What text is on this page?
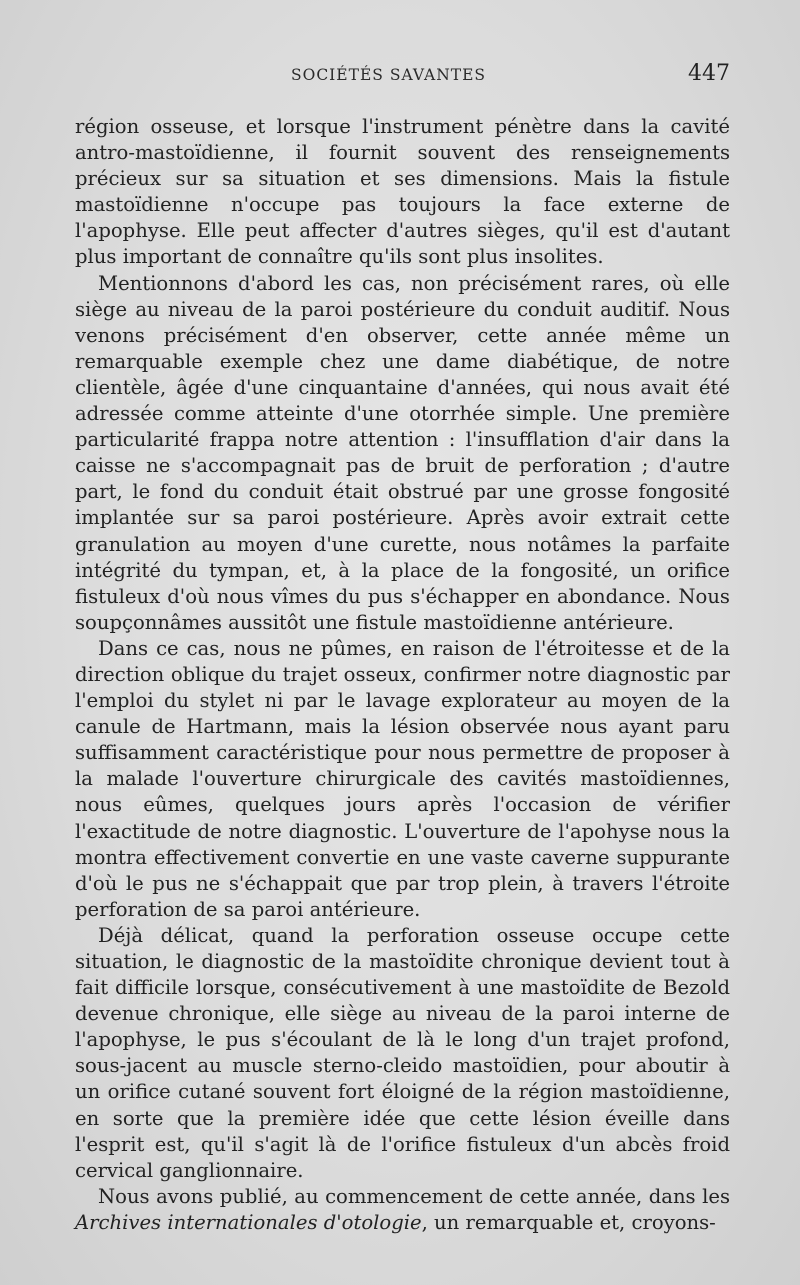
SOCIÉTÉS SAVANTES	447

région osseuse, et lorsque l'instrument pénètre dans la cavité antro-mastoïdienne, il fournit souvent des renseignements précieux sur sa situation et ses dimensions. Mais la fistule mastoïdienne n'occupe pas toujours la face externe de l'apophyse. Elle peut affecter d'autres sièges, qu'il est d'autant plus important de connaître qu'ils sont plus insolites.

Mentionnons d'abord les cas, non précisément rares, où elle siège au niveau de la paroi postérieure du conduit auditif. Nous venons précisément d'en observer, cette année même un remarquable exemple chez une dame diabétique, de notre clientèle, âgée d'une cinquantaine d'années, qui nous avait été adressée comme atteinte d'une otorrhée simple. Une première particularité frappa notre attention : l'insufflation d'air dans la caisse ne s'accompagnait pas de bruit de perforation ; d'autre part, le fond du conduit était obstrué par une grosse fongosité implantée sur sa paroi postérieure. Après avoir extrait cette granulation au moyen d'une curette, nous notâmes la parfaite intégrité du tympan, et, à la place de la fongosité, un orifice fistuleux d'où nous vîmes du pus s'échapper en abondance. Nous soupçonnâmes aussitôt une fistule mastoïdienne antérieure.

Dans ce cas, nous ne pûmes, en raison de l'étroitesse et de la direction oblique du trajet osseux, confirmer notre diagnostic par l'emploi du stylet ni par le lavage explorateur au moyen de la canule de Hartmann, mais la lésion observée nous ayant paru suffisamment caractéristique pour nous permettre de proposer à la malade l'ouverture chirurgicale des cavités mastoïdiennes, nous eûmes, quelques jours après l'occasion de vérifier l'exactitude de notre diagnostic. L'ouverture de l'apohyse nous la montra effectivement convertie en une vaste caverne suppurante d'où le pus ne s'échappait que par trop plein, à travers l'étroite perforation de sa paroi antérieure.

Déjà délicat, quand la perforation osseuse occupe cette situation, le diagnostic de la mastoïdite chronique devient tout à fait difficile lorsque, consécutivement à une mastoïdite de Bezold devenue chronique, elle siège au niveau de la paroi interne de l'apophyse, le pus s'écoulant de là le long d'un trajet profond, sous-jacent au muscle sterno-cleido mastoïdien, pour aboutir à un orifice cutané souvent fort éloigné de la région mastoïdienne, en sorte que la première idée que cette lésion éveille dans l'esprit est, qu'il s'agit là de l'orifice fistuleux d'un abcès froid cervical ganglionnaire.

Nous avons publié, au commencement de cette année, dans les Archives internationales d'otologie, un remarquable et, croyons-
